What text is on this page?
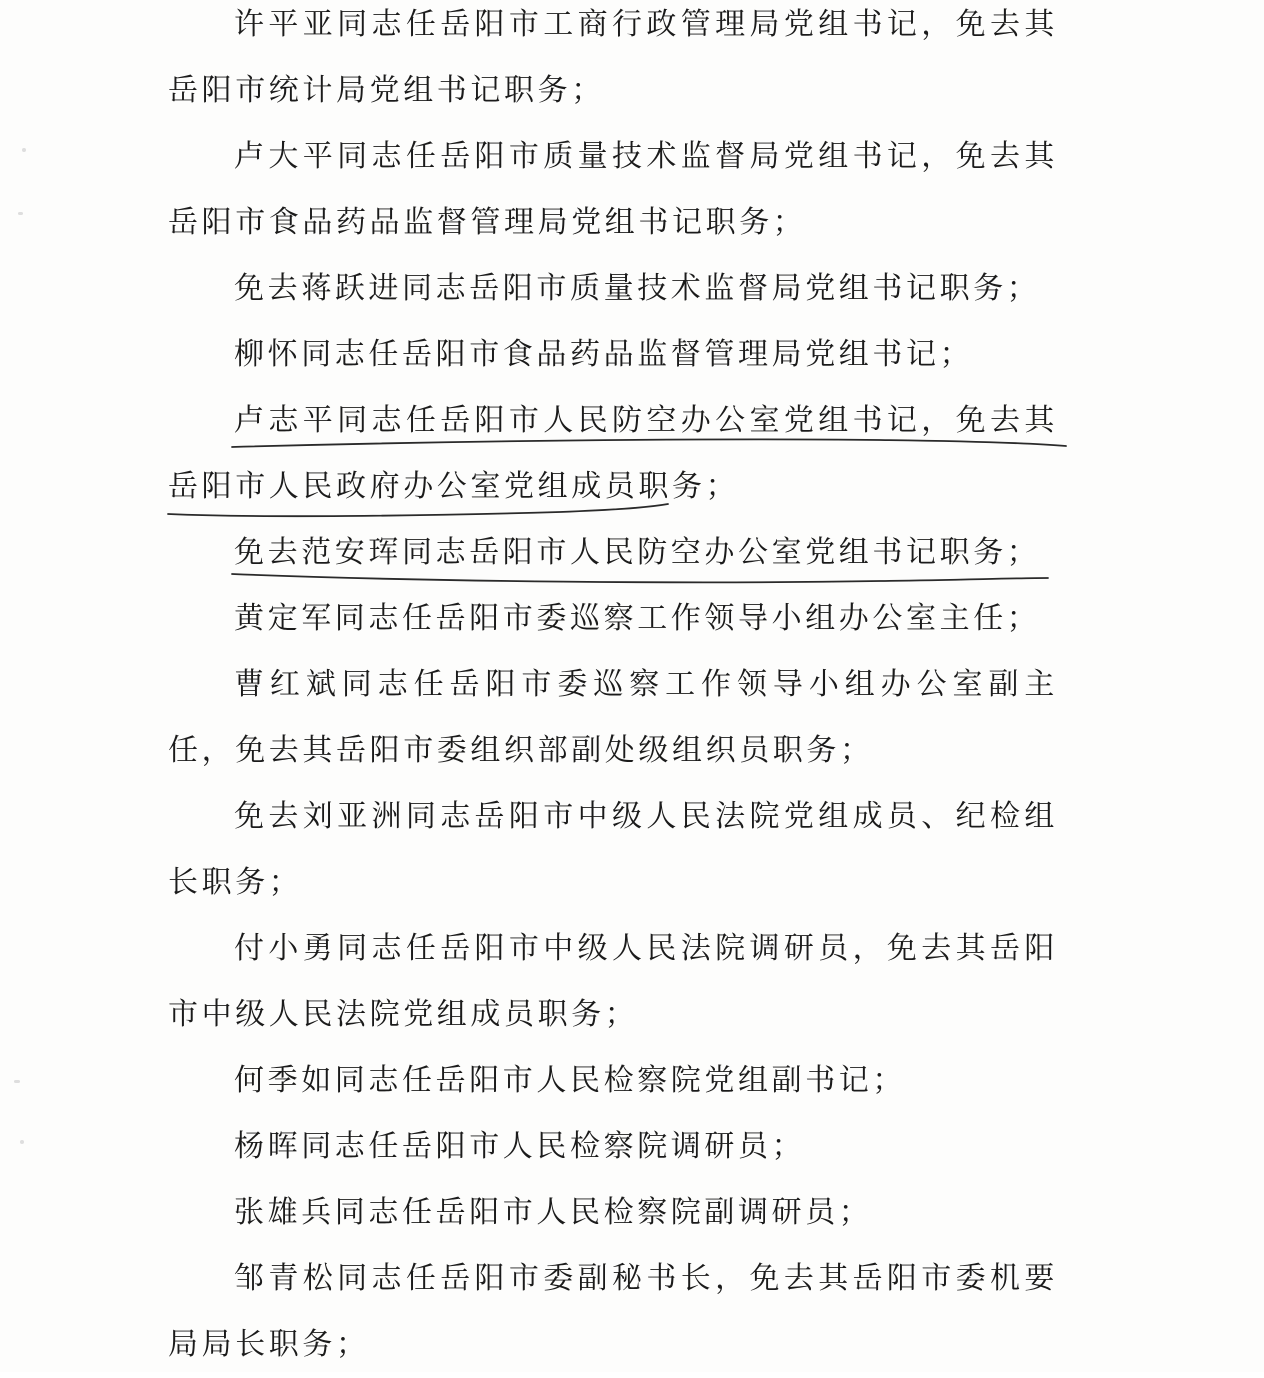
许平亚同志任岳阳市工商行政管理局党组书记，免去其岳阳市统计局党组书记职务；

卢大平同志任岳阳市质量技术监督局党组书记，免去其岳阳市食品药品监督管理局党组书记职务；

免去蒋跃进同志岳阳市质量技术监督局党组书记职务；

柳怀同志任岳阳市食品药品监督管理局党组书记；

卢志平同志任岳阳市人民防空办公室党组书记，免去其岳阳市人民政府办公室党组成员职务；

免去范安珲同志岳阳市人民防空办公室党组书记职务；

黄定军同志任岳阳市委巡察工作领导小组办公室主任；

曹红斌同志任岳阳市委巡察工作领导小组办公室副主任，免去其岳阳市委组织部副处级组织员职务；

免去刘亚洲同志岳阳市中级人民法院党组成员、纪检组长职务；

付小勇同志任岳阳市中级人民法院调研员，免去其岳阳市中级人民法院党组成员职务；

何季如同志任岳阳市人民检察院党组副书记；

杨晖同志任岳阳市人民检察院调研员；

张雄兵同志任岳阳市人民检察院副调研员；

邹青松同志任岳阳市委副秘书长，免去其岳阳市委机要局局长职务；
